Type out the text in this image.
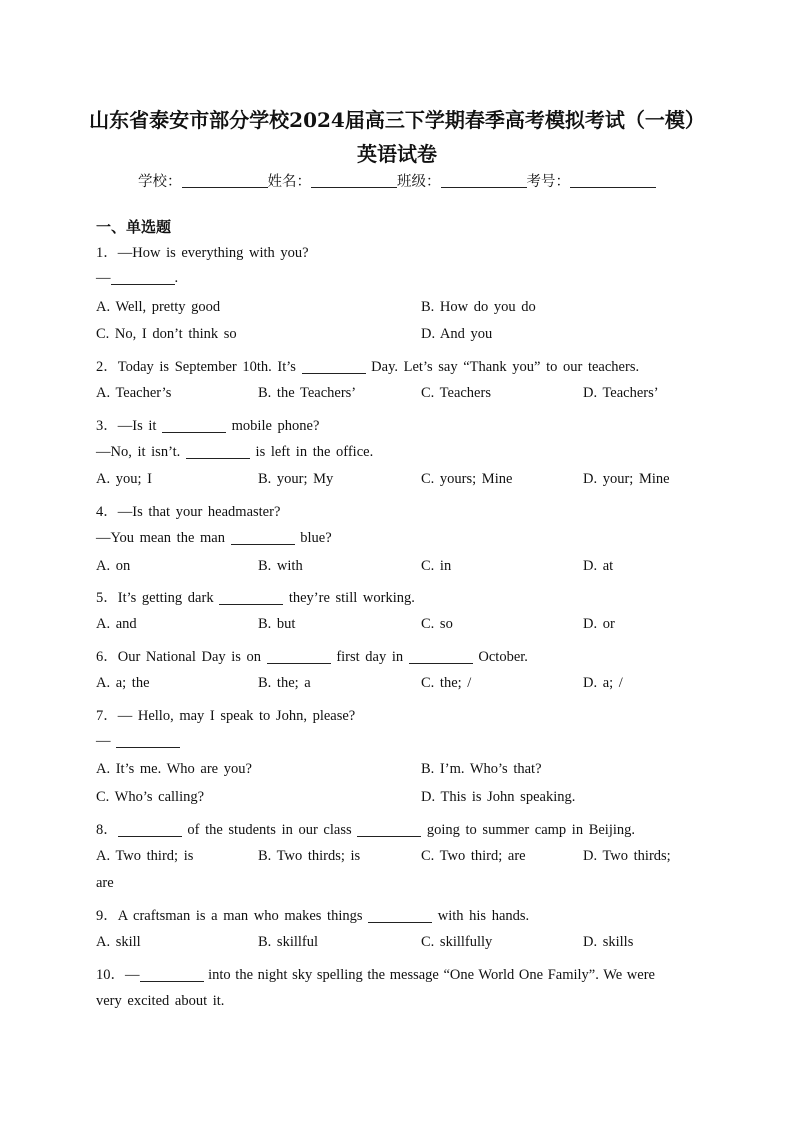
山东省泰安市部分学校2024届高三下学期春季高考模拟考试（一模）
英语试卷
学校：	姓名：	班级：	考号：
一、单选题
1．—How is everything with you?
—	.
A. Well, pretty good	B. How do you do
C. No, I don’t think so	D. And you
2．Today is September 10th. It’s	Day. Let’s say “Thank you” to our teachers.
A. Teacher’s	B. the Teachers’	C. Teachers	D. Teachers’
3．—Is it	mobile phone?
—No, it isn’t.	is left in the office.
A. you; I	B. your; My	C. yours; Mine	D. your; Mine
4．—Is that your headmaster?
—You mean the man	blue?
A. on	B. with	C. in	D. at
5．It’s getting dark	they’re still working.
A. and	B. but	C. so	D. or
6．Our National Day is on	first day in	October.
A. a; the	B. the; a	C. the; /	D. a; /
7．— Hello, may I speak to John, please?
—
A. It’s me. Who are you?	B. I’m. Who’s that?
C. Who’s calling?	D. This is John speaking.
8．	of the students in our class	going to summer camp in Beijing.
A. Two third; is	B. Two thirds; is	C. Two third; are	D. Two thirds;
are
9．A craftsman is a man who makes things	with his hands.
A. skill	B. skillful	C. skillfully	D. skills
10．—	into the night sky spelling the message “One World One Family”. We were
very excited about it.
